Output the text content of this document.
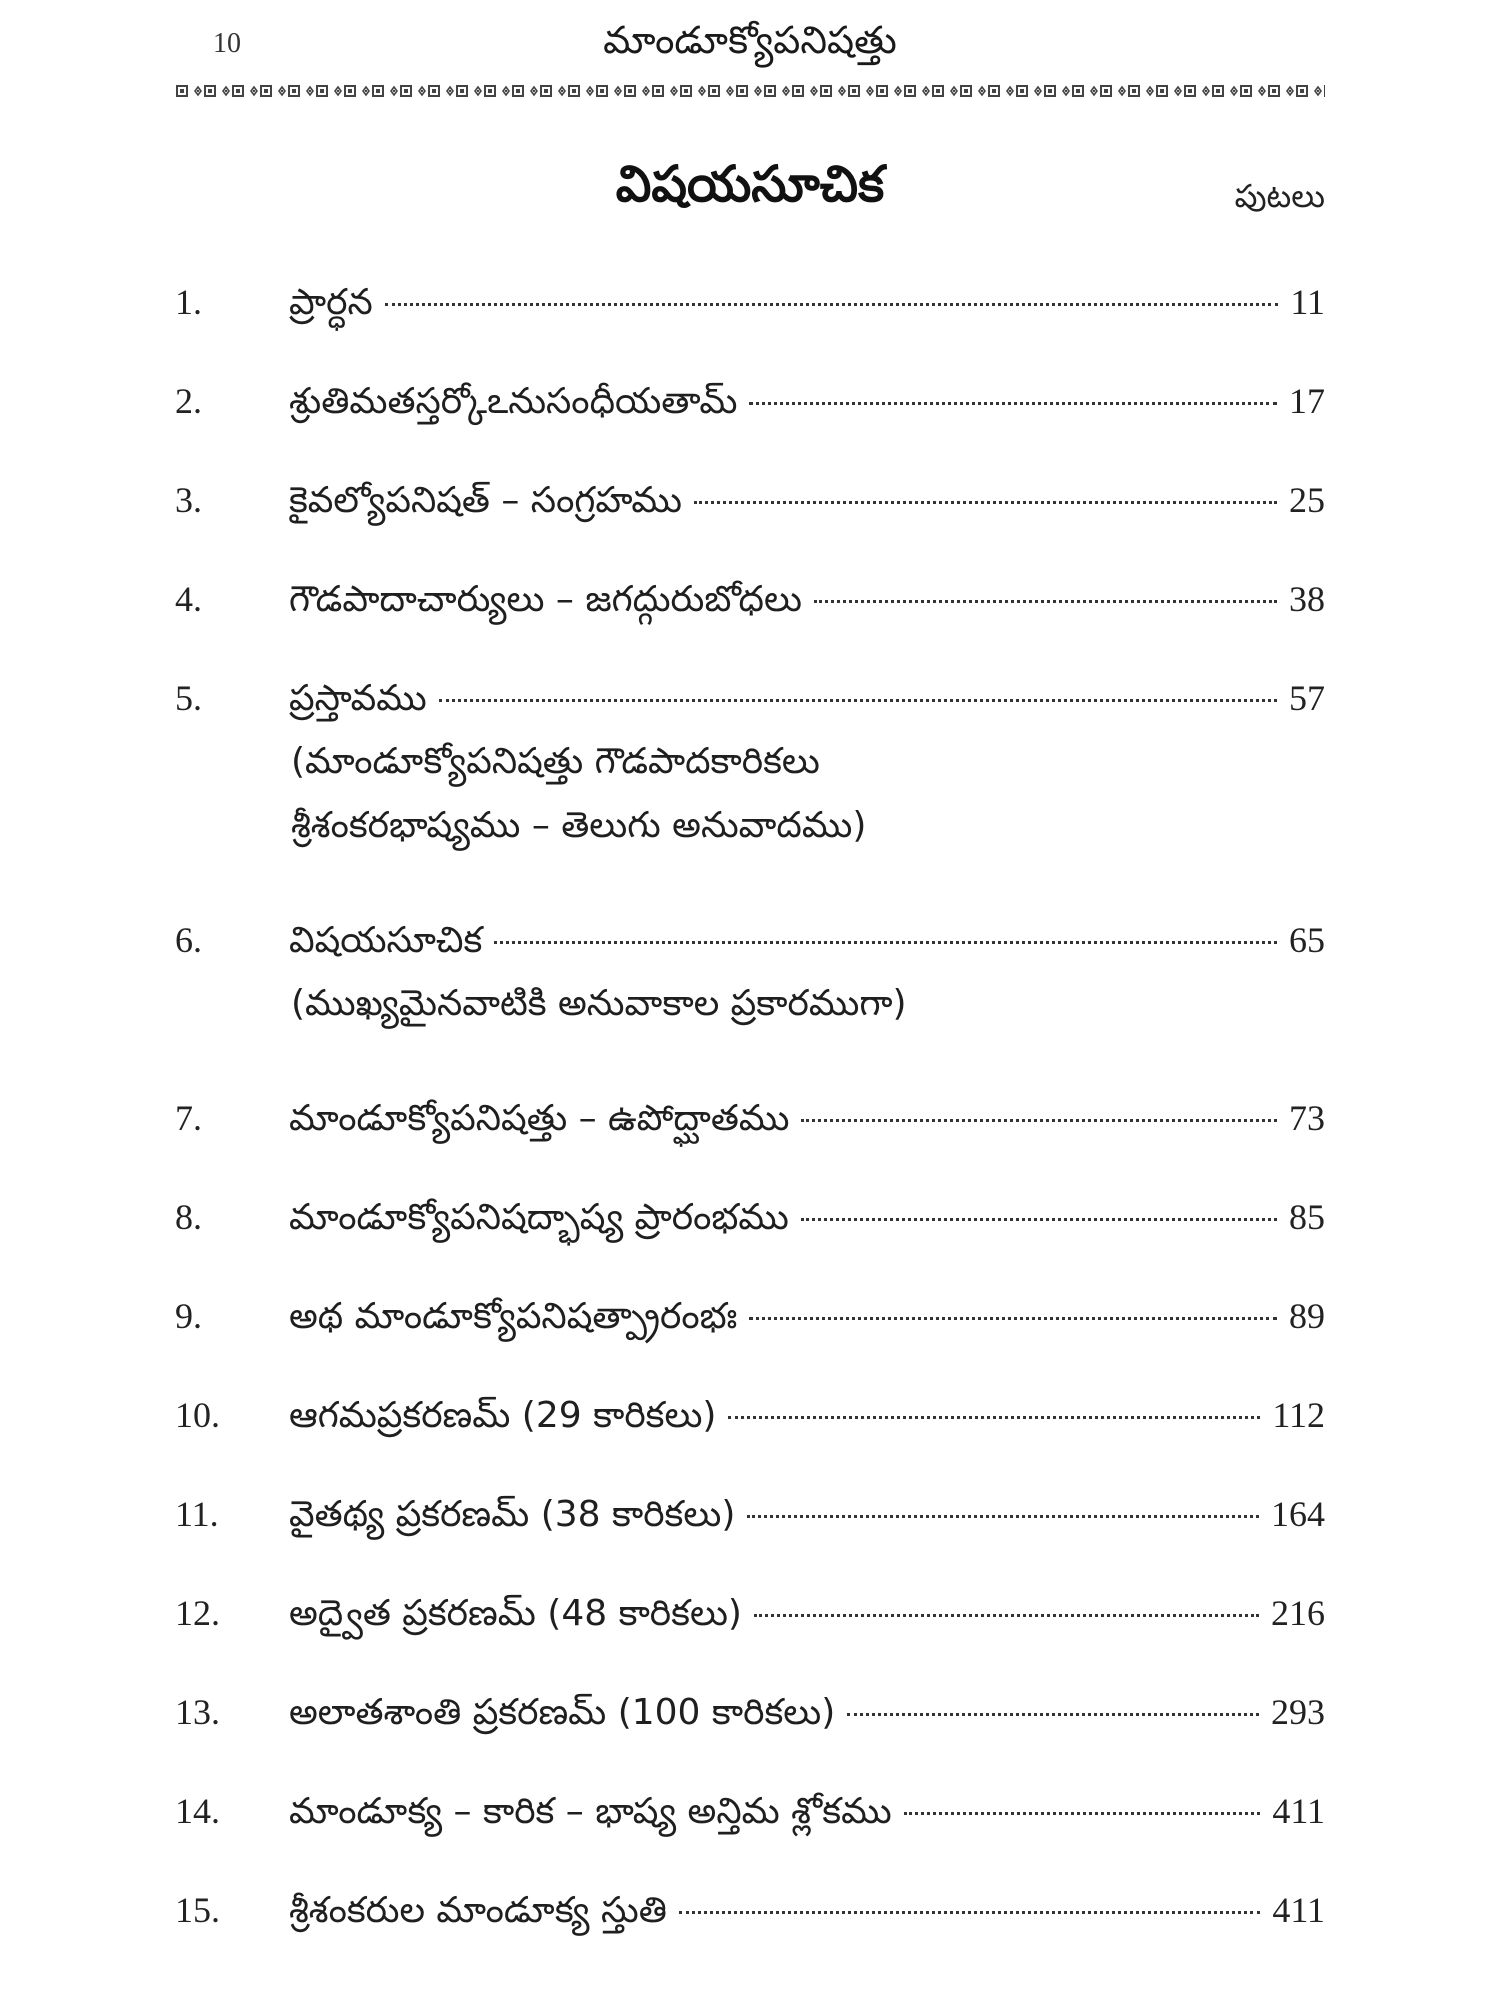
10	మాండూక్యోపనిషత్తు
విషయసూచిక	పుటలు
1.	ప్రార్ధన	11
2.	శ్రుతిమతస్తర్కోఽనుసంధీయతామ్	17
3.	కైవల్యోపనిషత్ – సంగ్రహము	25
4.	గౌడపాదాచార్యులు – జగద్గురుబోధలు	38
5.	ప్రస్తావము	57
(మాండూక్యోపనిషత్తు గౌడపాదకారికలు
శ్రీశంకరభాష్యము – తెలుగు అనువాదము)
6.	విషయసూచిక	65
(ముఖ్యమైనవాటికి అనువాకాల ప్రకారముగా)
7.	మాండూక్యోపనిషత్తు – ఉపోద్ఘాతము	73
8.	మాండూక్యోపనిషద్భాష్య ప్రారంభము	85
9.	అథ మాండూక్యోపనిషత్ప్రారంభః	89
10.	ఆగమప్రకరణమ్ (29 కారికలు)	112
11.	వైతథ్య ప్రకరణమ్ (38 కారికలు)	164
12.	అద్వైత ప్రకరణమ్ (48 కారికలు)	216
13.	అలాతశాంతి ప్రకరణమ్ (100 కారికలు)	293
14.	మాండూక్య – కారిక – భాష్య అన్తిమ శ్లోకము	411
15.	శ్రీశంకరుల మాండూక్య స్తుతి	411
